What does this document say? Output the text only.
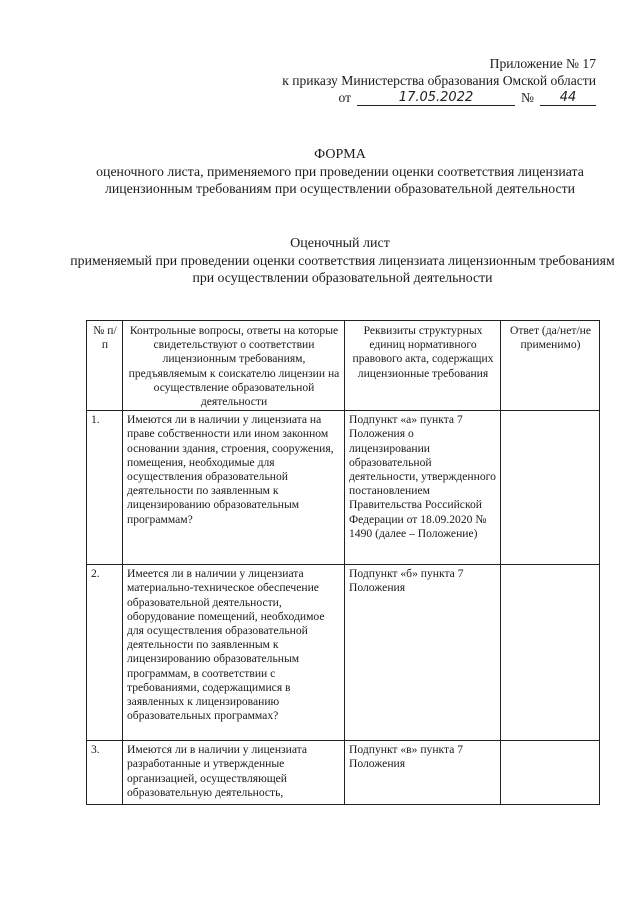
Приложение № 17
к приказу Министерства образования Омской области
от	17.05.2022	№	44
ФОРМА
оценочного листа, применяемого при проведении оценки соответствия лицензиата лицензионным требованиям при осуществлении образовательной деятельности
Оценочный лист
применяемый при проведении оценки соответствия лицензиата лицензионным требованиям при осуществлении образовательной деятельности
№ п/п	Контрольные вопросы, ответы на которые свидетельствуют о соответствии лицензионным требованиям, предъявляемым к соискателю лицензии на осуществление образовательной деятельности	Реквизиты структурных единиц нормативного правового акта, содержащих лицензионные требования	Ответ (да/нет/не применимо)
1.	Имеются ли в наличии у лицензиата на праве собственности или ином законном основании здания, строения, сооружения, помещения, необходимые для осуществления образовательной деятельности по заявленным к лицензированию образовательным программам?	Подпункт «а» пункта 7 Положения о лицензировании образовательной деятельности, утвержденного постановлением Правительства Российской Федерации от 18.09.2020 № 1490 (далее – Положение)	
2.	Имеется ли в наличии у лицензиата материально-техническое обеспечение образовательной деятельности, оборудование помещений, необходимое для осуществления образовательной деятельности по заявленным к лицензированию образовательным программам, в соответствии с требованиями, содержащимися в заявленных к лицензированию образовательных программах?	Подпункт «б» пункта 7 Положения	
3.	Имеются ли в наличии у лицензиата разработанные и утвержденные организацией, осуществляющей образовательную деятельность,	Подпункт «в» пункта 7 Положения	
